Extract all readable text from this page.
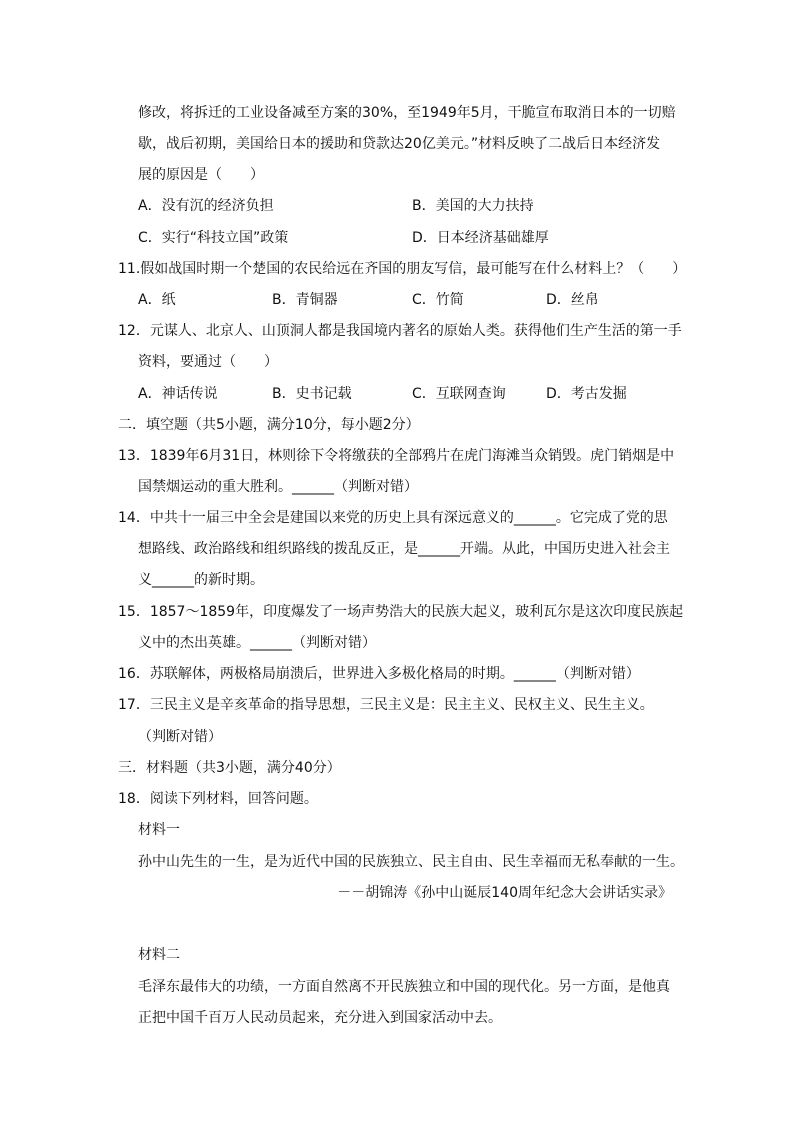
修改，将拆迁的工业设备减至方案的30%，至1949年5月，干脆宣布取消日本的一切赔
歇，战后初期，美国给日本的援助和贷款达20亿美元。”材料反映了二战后日本经济发
展的原因是（　　）
A．没有沉的经济负担	B．美国的大力扶持
C．实行“科技立国”政策	D．日本经济基础雄厚
11.假如战国时期一个楚国的农民给远在齐国的朋友写信，最可能写在什么材料上？（　　）
A．纸	B．青铜器	C．竹简	D．丝帛
12．元谋人、北京人、山顶洞人都是我国境内著名的原始人类。获得他们生产生活的第一手
资料，要通过（　　）
A．神话传说	B．史书记载	C．互联网查询	D．考古发掘
二．填空题（共5小题，满分10分，每小题2分）
13．1839年6月31日，林则徐下令将缴获的全部鸦片在虎门海滩当众销毁。虎门销烟是中
国禁烟运动的重大胜利。______（判断对错）
14．中共十一届三中全会是建国以来党的历史上具有深远意义的______。它完成了党的思
想路线、政治路线和组织路线的拨乱反正，是______开端。从此，中国历史进入社会主
义______的新时期。
15．1857～1859年，印度爆发了一场声势浩大的民族大起义，玻利瓦尔是这次印度民族起
义中的杰出英雄。______（判断对错）
16．苏联解体，两极格局崩溃后，世界进入多极化格局的时期。______（判断对错）
17．三民主义是辛亥革命的指导思想，三民主义是：民主主义、民权主义、民生主义。
（判断对错）
三．材料题（共3小题，满分40分）
18．阅读下列材料，回答问题。
材料一
孙中山先生的一生，是为近代中国的民族独立、民主自由、民生幸福而无私奉献的一生。
－－胡锦涛《孙中山诞辰140周年纪念大会讲话实录》
材料二
毛泽东最伟大的功绩，一方面自然离不开民族独立和中国的现代化。另一方面，是他真
正把中国千百万人民动员起来，充分进入到国家活动中去。
